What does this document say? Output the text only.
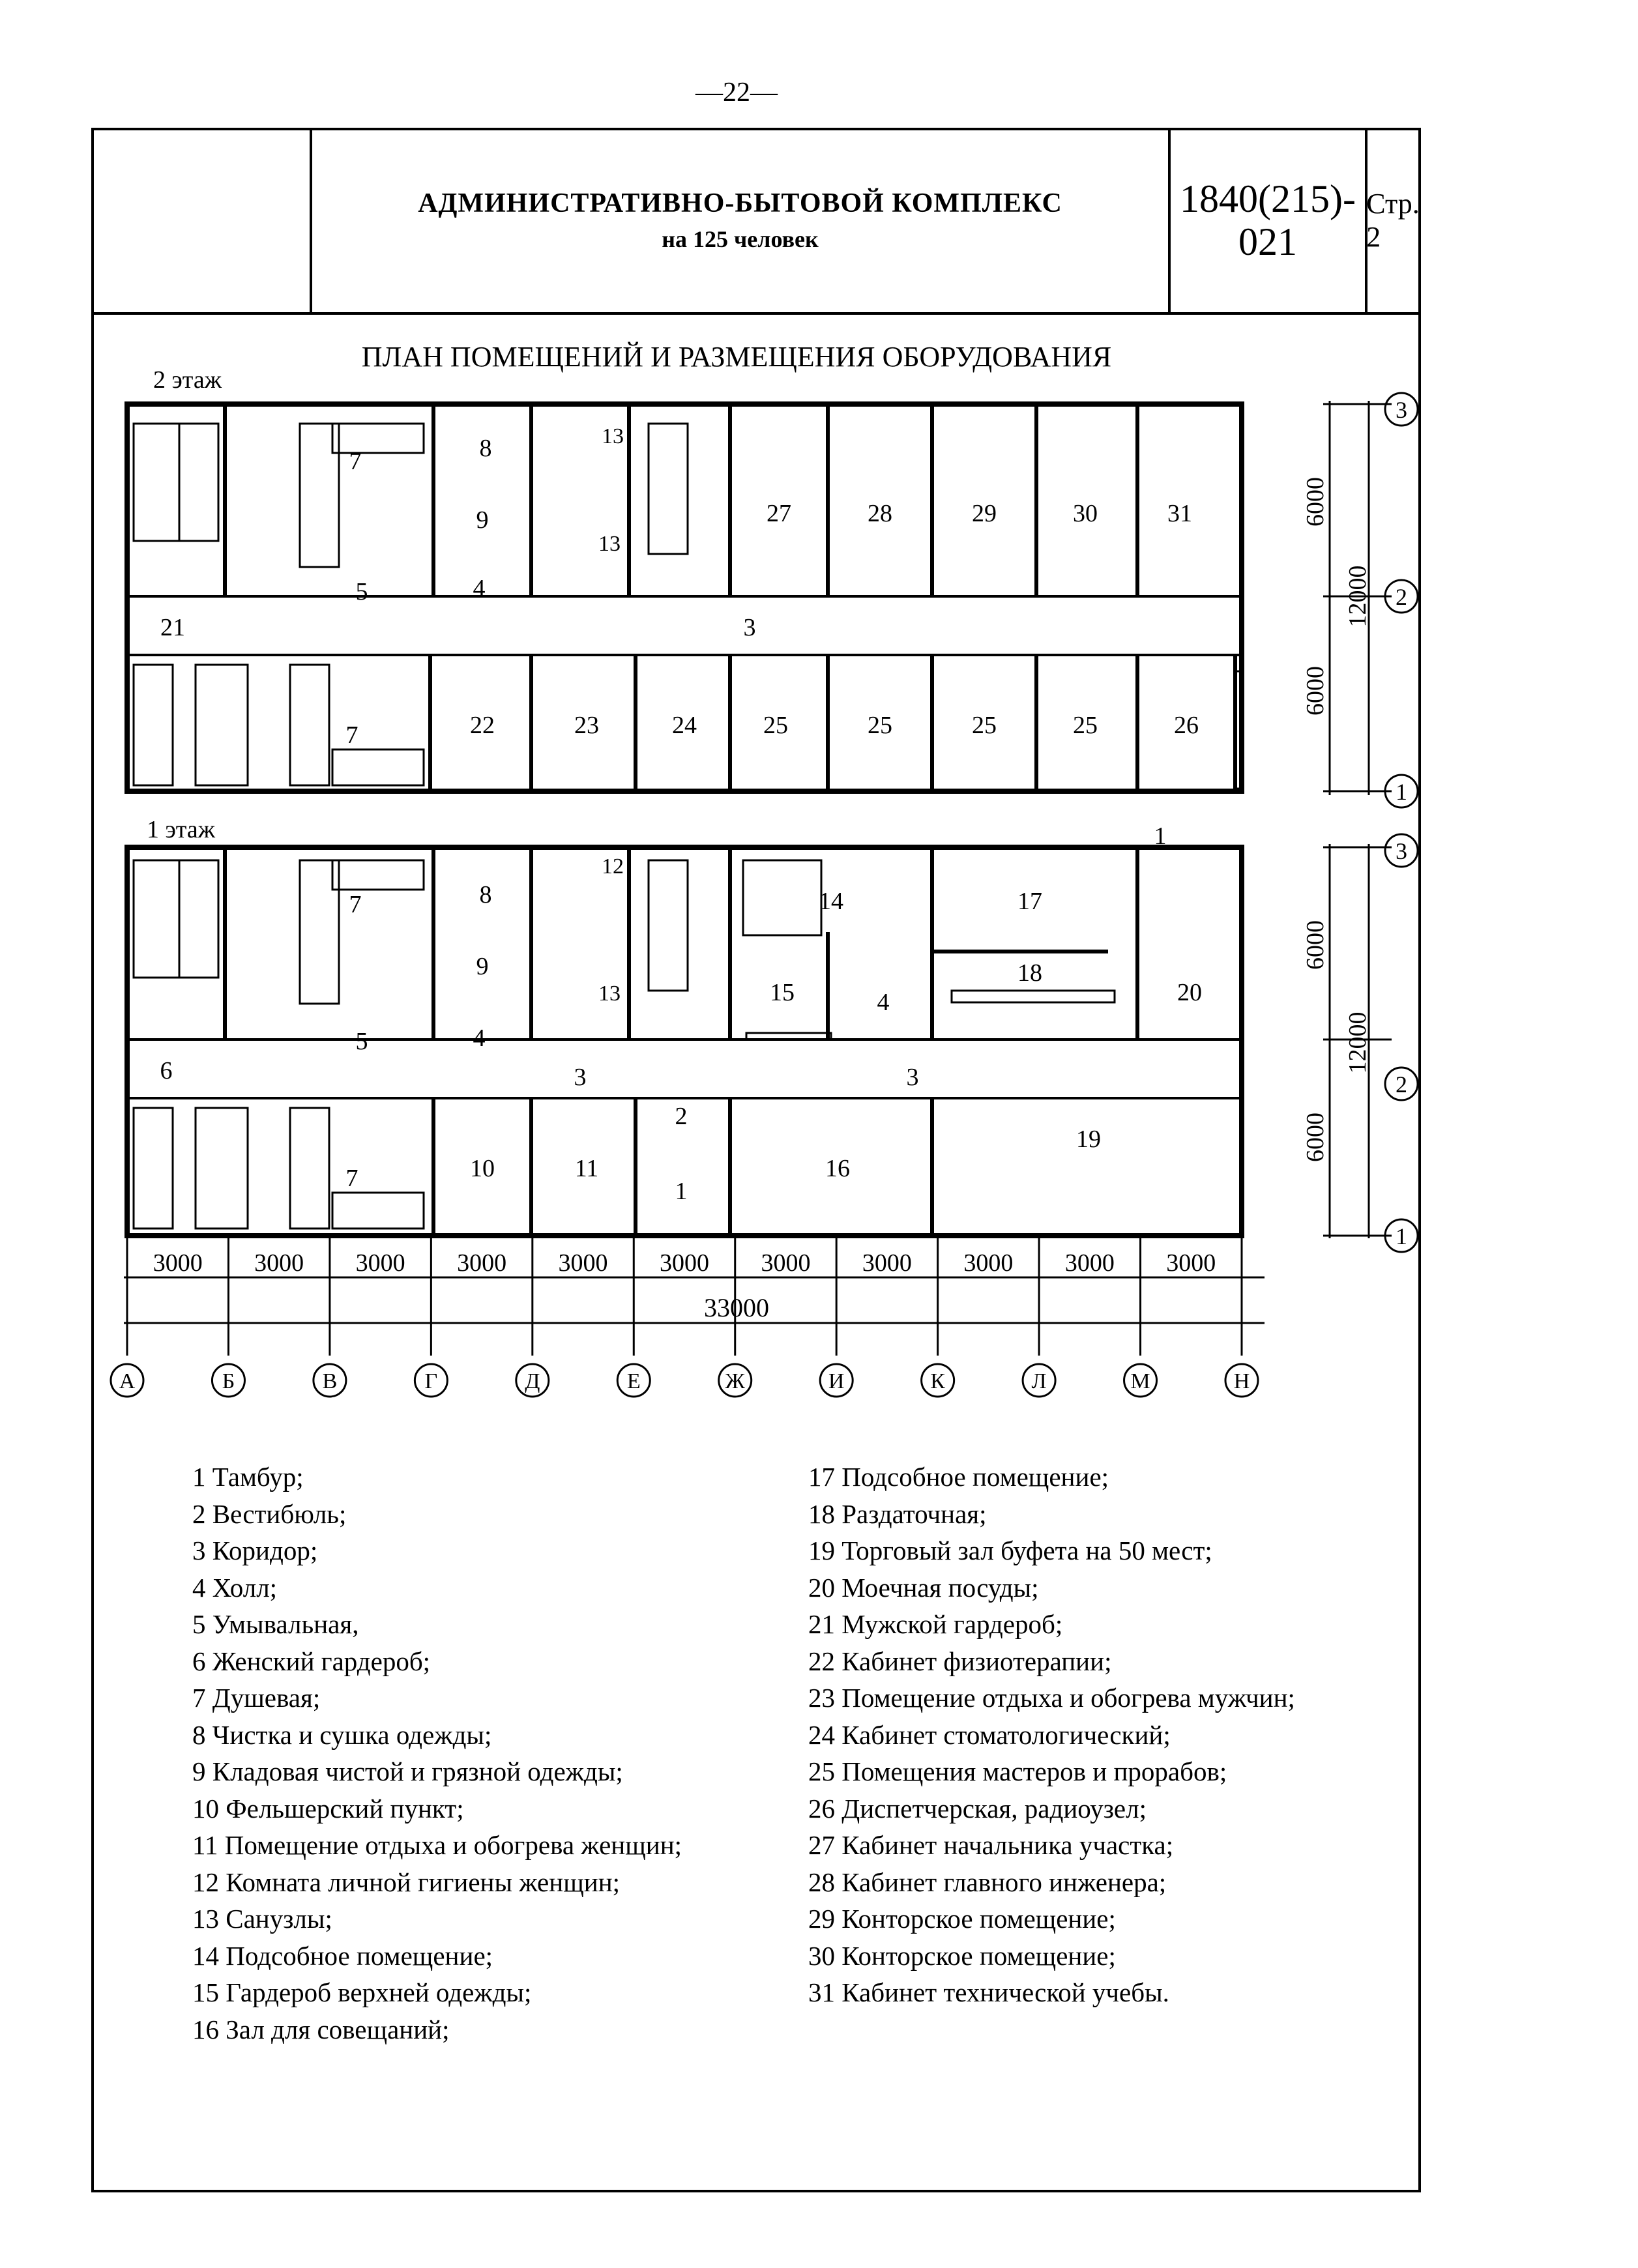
—22—
АДМИНИСТРАТИВНО-БЫТОВОЙ КОМПЛЕКС
на 125 человек
1840(215)-
021
Стр. 2
ПЛАН ПОМЕЩЕНИЙ И РАЗМЕЩЕНИЯ ОБОРУДОВАНИЯ
2 этаж
1 этаж
7	8	13
27	28	29	30	31
9
13
5	4
21	3
22	23	24	25	25	25	25	26
7
1
7	8
12
14	17
18
9
13	15	4	20
5	4
6	3	3
2
19
10	11
1
16
7
6000
12000
6000
6000
12000
6000
3
2
1
3
2
1
3000 3000 3000 3000 3000 3000 3000 3000 3000 3000 3000
33000
А	Б	В	Г	Д	Е	Ж	И	К	Л	М	Н
1 Тамбур;
2 Вестибюль;
3 Коридор;
4 Холл;
5 Умывальная,
6 Женский гардероб;
7 Душевая;
8 Чистка и сушка одежды;
9 Кладовая чистой и грязной одежды;
10 Фельшерский пункт;
11 Помещение отдыха и обогрева женщин;
12 Комната личной гигиены женщин;
13 Санузлы;
14 Подсобное помещение;
15 Гардероб верхней одежды;
16 Зал для совещаний;
17 Подсобное помещение;
18 Раздаточная;
19 Торговый зал буфета на 50 мест;
20 Моечная посуды;
21 Мужской гардероб;
22 Кабинет физиотерапии;
23 Помещение отдыха и обогрева мужчин;
24 Кабинет стоматологический;
25 Помещения мастеров и прорабов;
26 Диспетчерская, радиоузел;
27 Кабинет начальника участка;
28 Кабинет главного инженера;
29 Конторское помещение;
30 Конторское помещение;
31 Кабинет технической учебы.
